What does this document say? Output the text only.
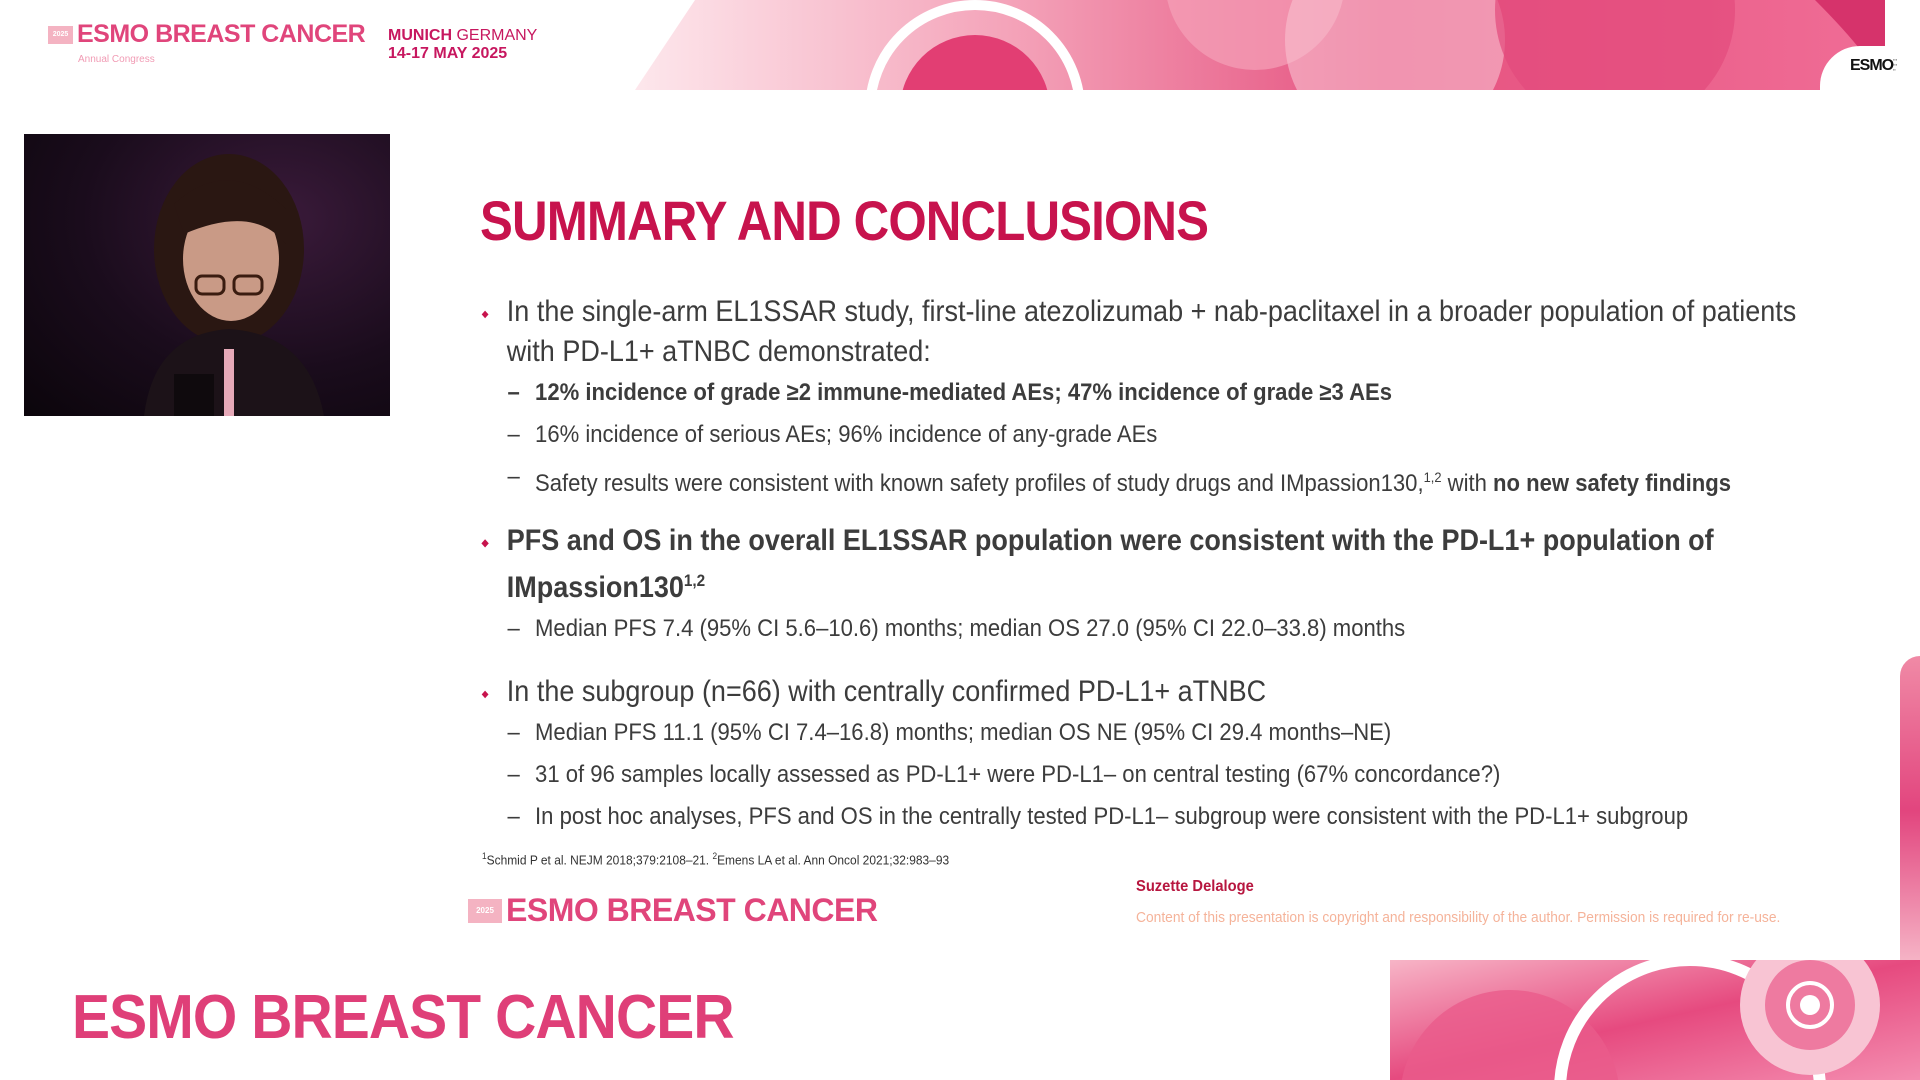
2025 ESMO BREAST CANCER
Annual Congress
MUNICH GERMANY
14-17 MAY 2025
ESMO ▪▪▪
▪▪▪
▪▪
SUMMARY AND CONCLUSIONS
◆ In the single-arm EL1SSAR study, first-line atezolizumab + nab-paclitaxel in a broader population of patients
with PD-L1+ aTNBC demonstrated:
– 12% incidence of grade ≥2 immune-mediated AEs; 47% incidence of grade ≥3 AEs
– 16% incidence of serious AEs; 96% incidence of any-grade AEs
– Safety results were consistent with known safety profiles of study drugs and IMpassion130,$^{1,2}$ with no new safety findings
◆ PFS and OS in the overall EL1SSAR population were consistent with the PD-L1+ population of
IMpassion130$^{1,2}$
– Median PFS 7.4 (95% CI 5.6–10.6) months; median OS 27.0 (95% CI 22.0–33.8) months
◆ In the subgroup (n=66) with centrally confirmed PD-L1+ aTNBC
– Median PFS 11.1 (95% CI 7.4–16.8) months; median OS NE (95% CI 29.4 months–NE)
– 31 of 96 samples locally assessed as PD-L1+ were PD-L1– on central testing (67% concordance?)
– In post hoc analyses, PFS and OS in the centrally tested PD-L1– subgroup were consistent with the PD-L1+ subgroup
$^1$Schmid P et al. NEJM 2018;379:2108–21. $^2$Emens LA et al. Ann Oncol 2021;32:983–93
2025 ESMO BREAST CANCER
Suzette Delaloge
Content of this presentation is copyright and responsibility of the author. Permission is required for re-use.
ESMO BREAST CANCER
